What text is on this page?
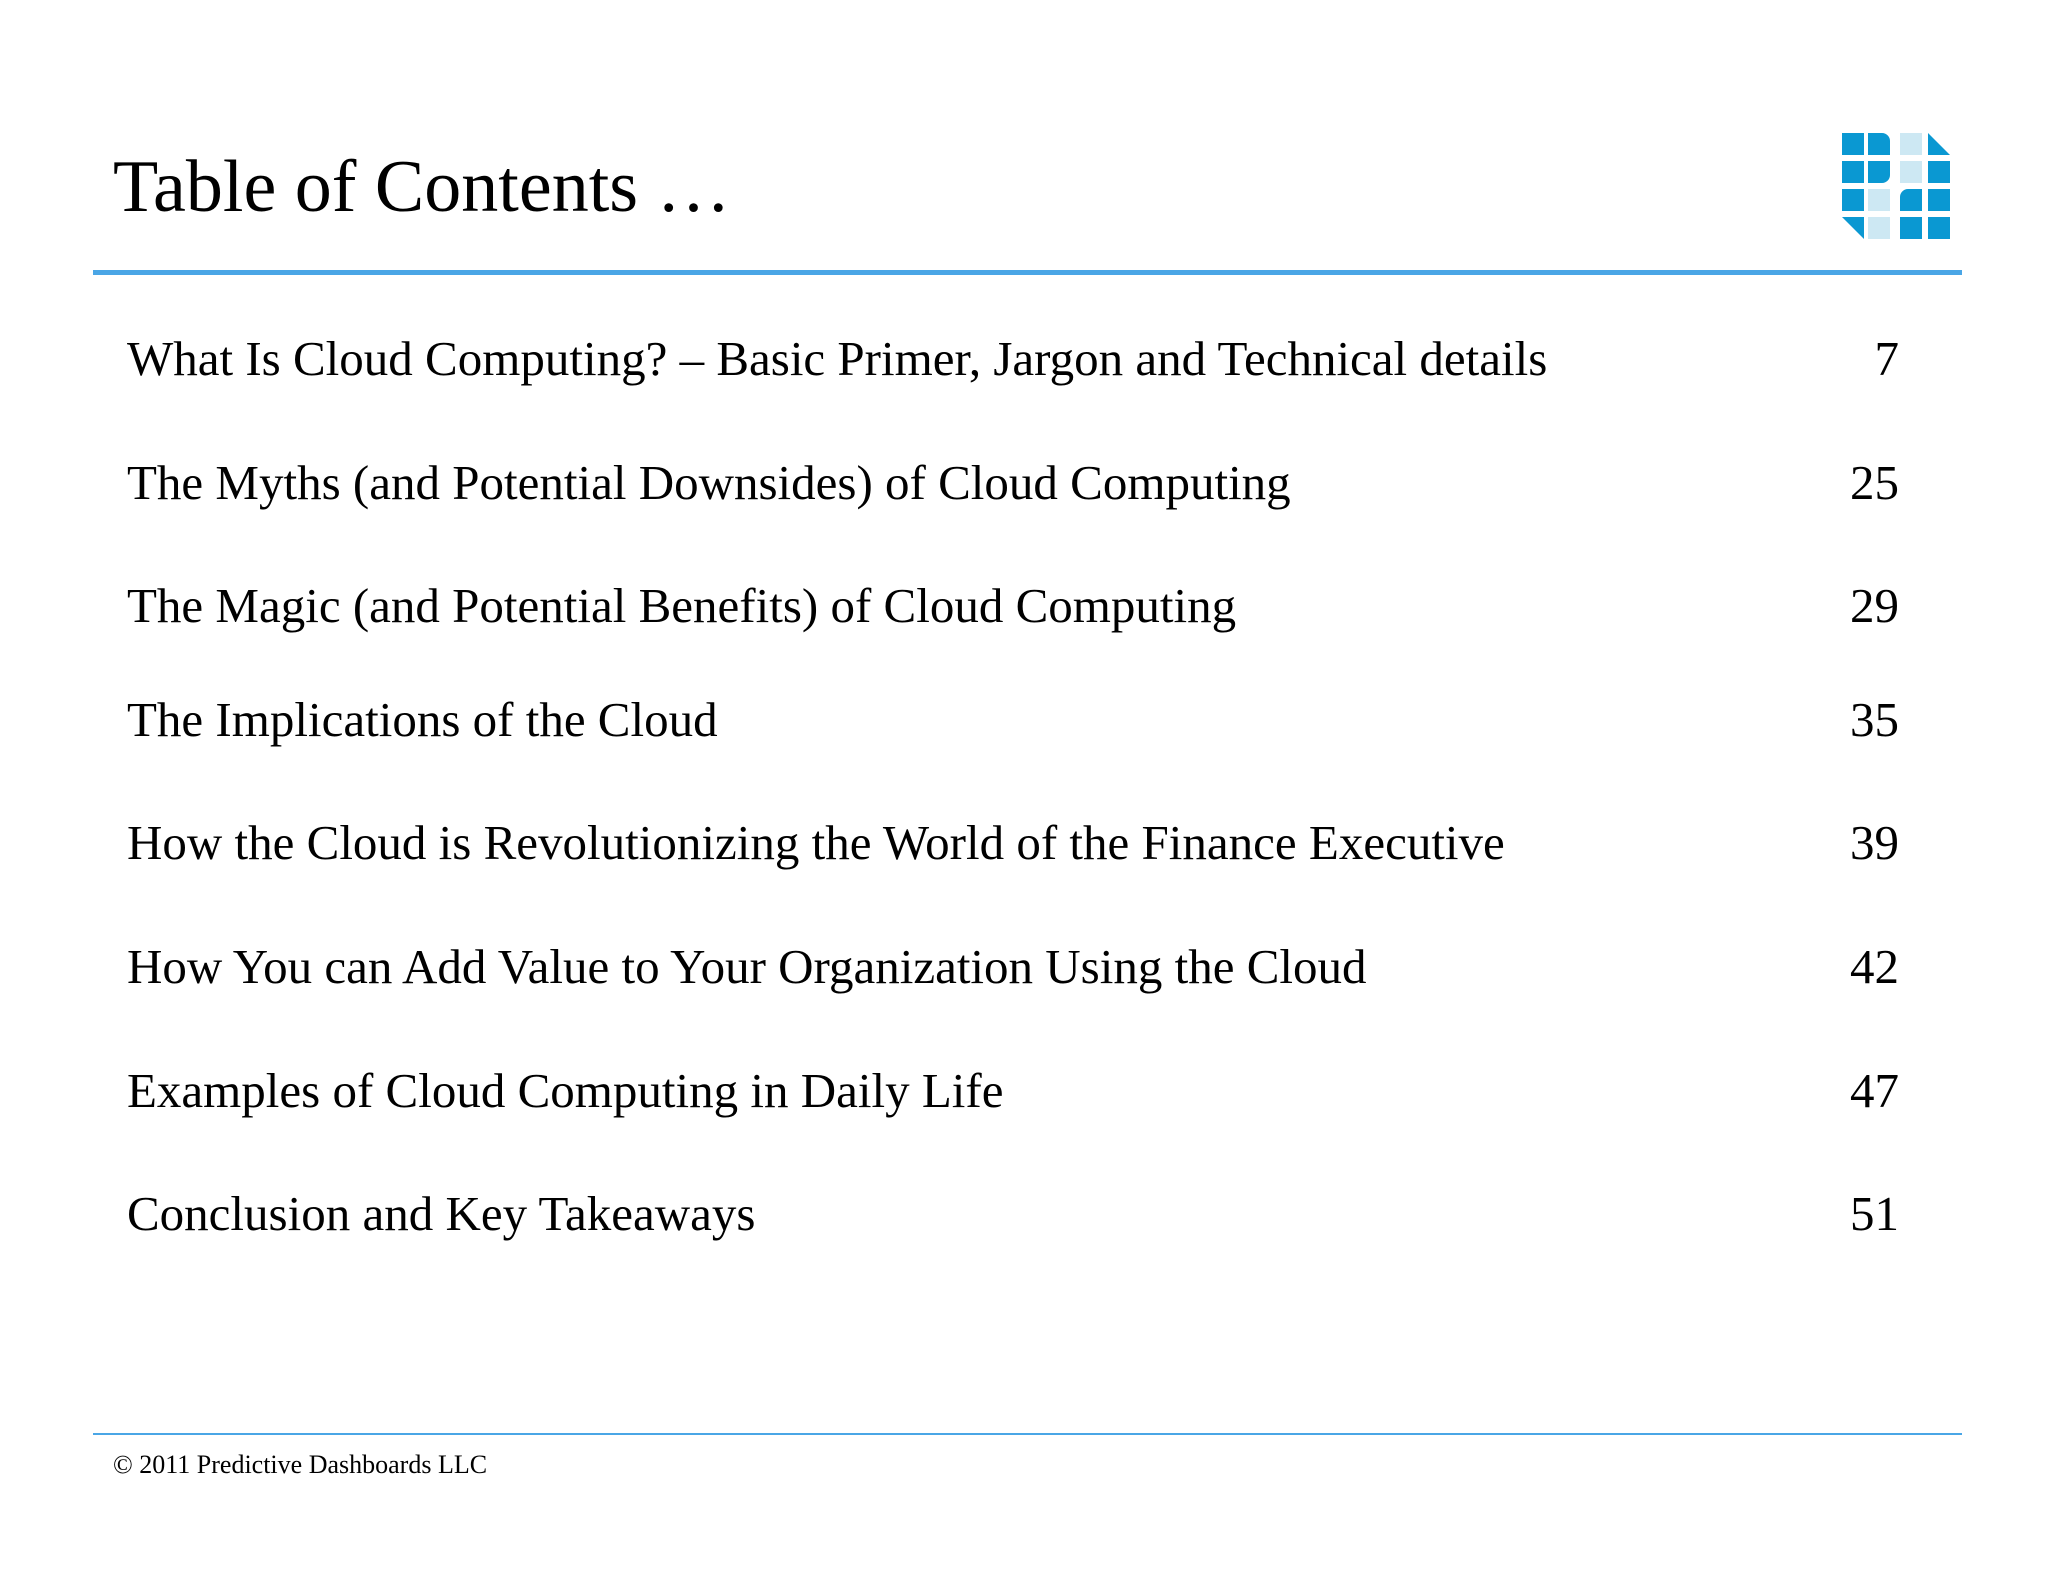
Table of Contents …
What Is Cloud Computing? – Basic Primer, Jargon and Technical details	7
The Myths (and Potential Downsides) of Cloud Computing	25
The Magic (and Potential Benefits) of Cloud Computing	29
The Implications of the Cloud	35
How the Cloud is Revolutionizing the World of the Finance Executive	39
How You can Add Value to Your Organization Using the Cloud	42
Examples of Cloud Computing in Daily Life	47
Conclusion and Key Takeaways	51
© 2011 Predictive Dashboards LLC
